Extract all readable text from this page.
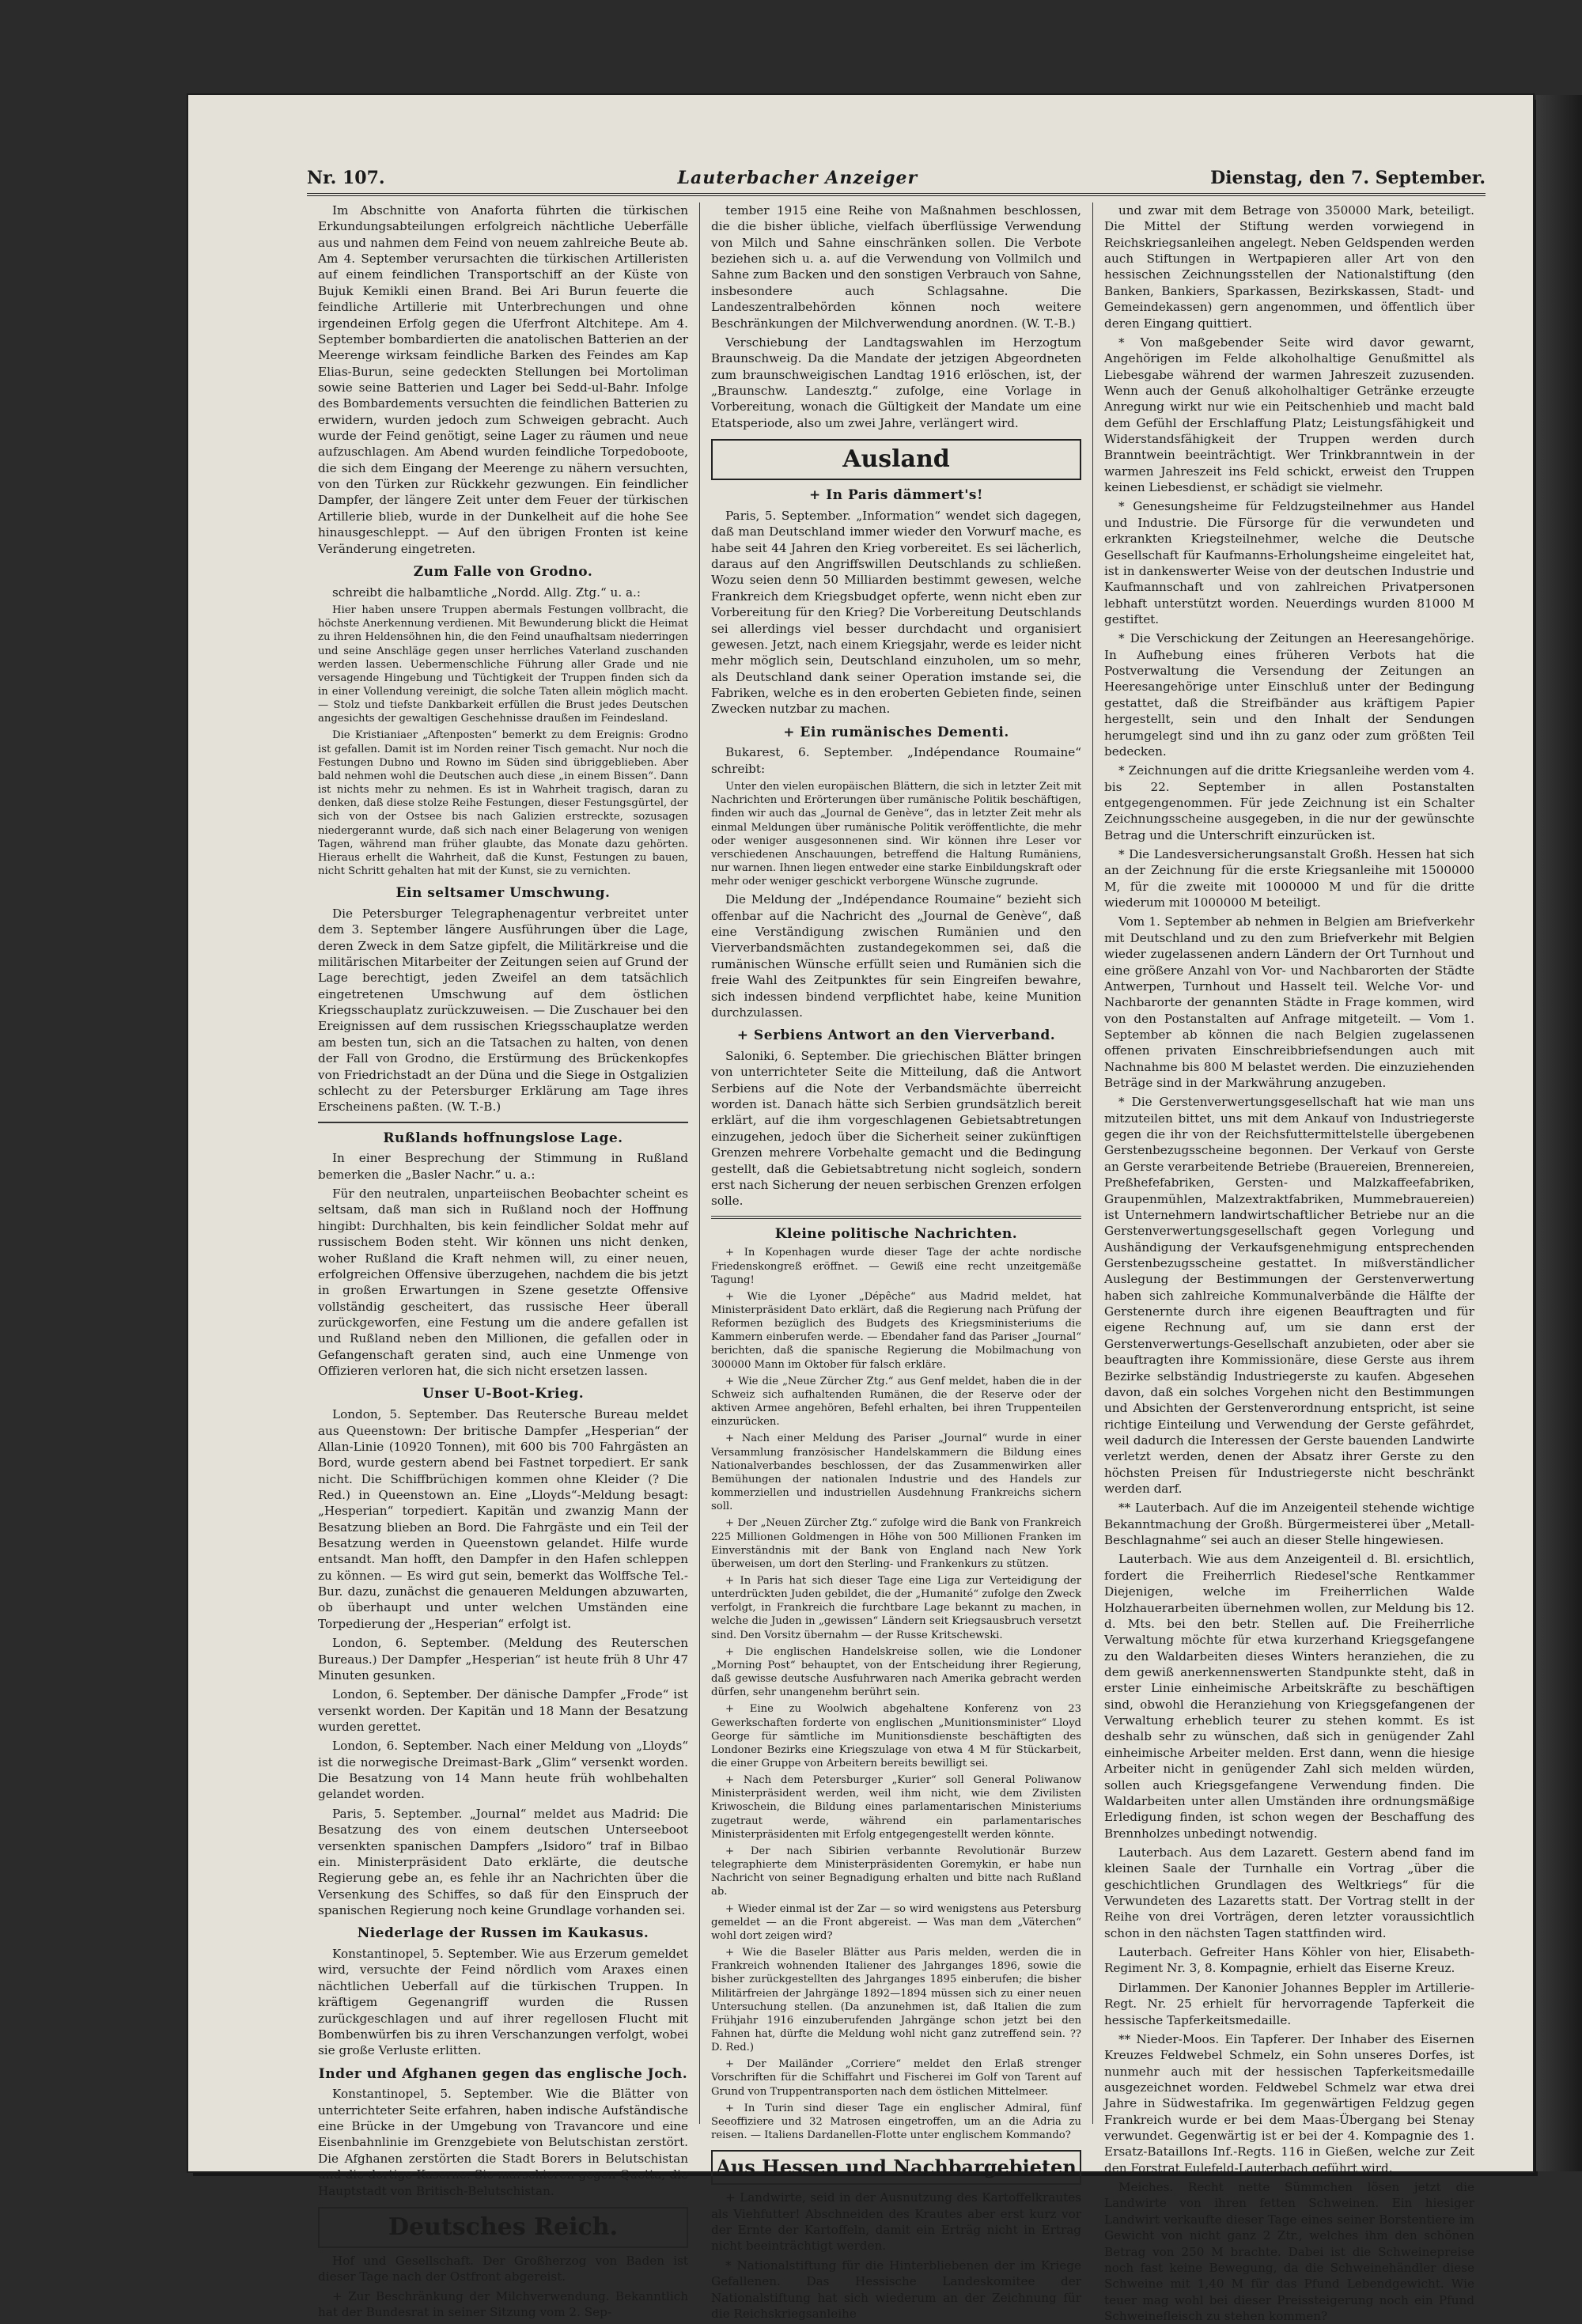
Nr. 107.	Lauterbacher Anzeiger	Dienstag, den 7. September.

Im Abschnitte von Anaforta führten die türkischen Erkundungsabteilungen erfolgreich nächtliche Ueberfälle aus und nahmen dem Feind von neuem zahlreiche Beute ab. Am 4. September verursachten die türkischen Artilleristen auf einem feindlichen Transportschiff an der Küste von Bujuk Kemikli einen Brand. Bei Ari Burun feuerte die feindliche Artillerie mit Unterbrechungen und ohne irgendeinen Erfolg gegen die Uferfront Altchitepe. Am 4. September bombardierten die anatolischen Batterien an der Meerenge wirksam feindliche Barken des Feindes am Kap Elias-Burun, seine gedeckten Stellungen bei Mortoliman sowie seine Batterien und Lager bei Sedd-ul-Bahr. Infolge des Bombardements versuchten die feindlichen Batterien zu erwidern, wurden jedoch zum Schweigen gebracht. Auch wurde der Feind genötigt, seine Lager zu räumen und neue aufzuschlagen. Am Abend wurden feindliche Torpedoboote, die sich dem Eingang der Meerenge zu nähern versuchten, von den Türken zur Rückkehr gezwungen. Ein feindlicher Dampfer, der längere Zeit unter dem Feuer der türkischen Artillerie blieb, wurde in der Dunkelheit auf die hohe See hinausgeschleppt. — Auf den übrigen Fronten ist keine Veränderung eingetreten.

Zum Falle von Grodno.

schreibt die halbamtliche „Nordd. Allg. Ztg.“ u. a.:

Hier haben unsere Truppen abermals Festungen vollbracht, die höchste Anerkennung verdienen. Mit Bewunderung blickt die Heimat zu ihren Heldensöhnen hin, die den Feind unaufhaltsam niederringen und seine Anschläge gegen unser herrliches Vaterland zuschanden werden lassen. Uebermenschliche Führung aller Grade und nie versagende Hingebung und Tüchtigkeit der Truppen finden sich da in einer Vollendung vereinigt, die solche Taten allein möglich macht. — Stolz und tiefste Dankbarkeit erfüllen die Brust jedes Deutschen angesichts der gewaltigen Geschehnisse draußen im Feindesland.

Die Kristianiaer „Aftenposten“ bemerkt zu dem Ereignis: Grodno ist gefallen. Damit ist im Norden reiner Tisch gemacht. Nur noch die Festungen Dubno und Rowno im Süden sind übriggeblieben. Aber bald nehmen wohl die Deutschen auch diese „in einem Bissen“. Dann ist nichts mehr zu nehmen. Es ist in Wahrheit tragisch, daran zu denken, daß diese stolze Reihe Festungen, dieser Festungsgürtel, der sich von der Ostsee bis nach Galizien erstreckte, sozusagen niedergerannt wurde, daß sich nach einer Belagerung von wenigen Tagen, während man früher glaubte, das Monate dazu gehörten. Hieraus erhellt die Wahrheit, daß die Kunst, Festungen zu bauen, nicht Schritt gehalten hat mit der Kunst, sie zu vernichten.

Ein seltsamer Umschwung.

Die Petersburger Telegraphenagentur verbreitet unter dem 3. September längere Ausführungen über die Lage, deren Zweck in dem Satze gipfelt, die Militärkreise und die militärischen Mitarbeiter der Zeitungen seien auf Grund der Lage berechtigt, jeden Zweifel an dem tatsächlich eingetretenen Umschwung auf dem östlichen Kriegsschauplatz zurückzuweisen. — Die Zuschauer bei den Ereignissen auf dem russischen Kriegsschauplatze werden am besten tun, sich an die Tatsachen zu halten, von denen der Fall von Grodno, die Erstürmung des Brückenkopfes von Friedrichstadt an der Düna und die Siege in Ostgalizien schlecht zu der Petersburger Erklärung am Tage ihres Erscheinens paßten. (W. T.-B.)

Rußlands hoffnungslose Lage.

In einer Besprechung der Stimmung in Rußland bemerken die „Basler Nachr.“ u. a.:

Für den neutralen, unparteiischen Beobachter scheint es seltsam, daß man sich in Rußland noch der Hoffnung hingibt: Durchhalten, bis kein feindlicher Soldat mehr auf russischem Boden steht. Wir können uns nicht denken, woher Rußland die Kraft nehmen will, zu einer neuen, erfolgreichen Offensive überzugehen, nachdem die bis jetzt in großen Erwartungen in Szene gesetzte Offensive vollständig gescheitert, das russische Heer überall zurückgeworfen, eine Festung um die andere gefallen ist und Rußland neben den Millionen, die gefallen oder in Gefangenschaft geraten sind, auch eine Unmenge von Offizieren verloren hat, die sich nicht ersetzen lassen.

Unser U-Boot-Krieg.

London, 5. September. Das Reutersche Bureau meldet aus Queenstown: Der britische Dampfer „Hesperian“ der Allan-Linie (10920 Tonnen), mit 600 bis 700 Fahrgästen an Bord, wurde gestern abend bei Fastnet torpediert. Er sank nicht. Die Schiffbrüchigen kommen ohne Kleider (? Die Red.) in Queenstown an. Eine „Lloyds“-Meldung besagt: „Hesperian“ torpediert. Kapitän und zwanzig Mann der Besatzung blieben an Bord. Die Fahrgäste und ein Teil der Besatzung werden in Queenstown gelandet. Hilfe wurde entsandt. Man hofft, den Dampfer in den Hafen schleppen zu können. — Es wird gut sein, bemerkt das Wolffsche Tel.-Bur. dazu, zunächst die genaueren Meldungen abzuwarten, ob überhaupt und unter welchen Umständen eine Torpedierung der „Hesperian“ erfolgt ist.

London, 6. September. (Meldung des Reuterschen Bureaus.) Der Dampfer „Hesperian“ ist heute früh 8 Uhr 47 Minuten gesunken.

London, 6. September. Der dänische Dampfer „Frode“ ist versenkt worden. Der Kapitän und 18 Mann der Besatzung wurden gerettet.

London, 6. September. Nach einer Meldung von „Lloyds“ ist die norwegische Dreimast-Bark „Glim“ versenkt worden. Die Besatzung von 14 Mann heute früh wohlbehalten gelandet worden.

Paris, 5. September. „Journal“ meldet aus Madrid: Die Besatzung des von einem deutschen Unterseeboot versenkten spanischen Dampfers „Isidoro“ traf in Bilbao ein. Ministerpräsident Dato erklärte, die deutsche Regierung gebe an, es fehle ihr an Nachrichten über die Versenkung des Schiffes, so daß für den Einspruch der spanischen Regierung noch keine Grundlage vorhanden sei.

Niederlage der Russen im Kaukasus.

Konstantinopel, 5. September. Wie aus Erzerum gemeldet wird, versuchte der Feind nördlich vom Araxes einen nächtlichen Ueberfall auf die türkischen Truppen. In kräftigem Gegenangriff wurden die Russen zurückgeschlagen und auf ihrer regellosen Flucht mit Bombenwürfen bis zu ihren Verschanzungen verfolgt, wobei sie große Verluste erlitten.

Inder und Afghanen gegen das englische Joch.

Konstantinopel, 5. September. Wie die Blätter von unterrichteter Seite erfahren, haben indische Aufständische eine Brücke in der Umgebung von Travancore und eine Eisenbahnlinie im Grenzgebiete von Belutschistan zerstört. Die Afghanen zerstörten die Stadt Borers in Belutschistan und die dortige Kaserne. Sie marschieren gegen Quetta, die Hauptstadt von Britisch-Belutschistan.

Deutsches Reich.

Hof und Gesellschaft. Der Großherzog von Baden ist dieser Tage nach der Ostfront abgereist.

+ Zur Beschränkung der Milchverwendung. Bekanntlich hat der Bundesrat in seiner Sitzung vom 2. Sep-

tember 1915 eine Reihe von Maßnahmen beschlossen, die die bisher übliche, vielfach überflüssige Verwendung von Milch und Sahne einschränken sollen. Die Verbote beziehen sich u. a. auf die Verwendung von Vollmilch und Sahne zum Backen und den sonstigen Verbrauch von Sahne, insbesondere auch Schlagsahne. Die Landeszentralbehörden können noch weitere Beschränkungen der Milchverwendung anordnen. (W. T.-B.)

Verschiebung der Landtagswahlen im Herzogtum Braunschweig. Da die Mandate der jetzigen Abgeordneten zum braunschweigischen Landtag 1916 erlöschen, ist, der „Braunschw. Landesztg.“ zufolge, eine Vorlage in Vorbereitung, wonach die Gültigkeit der Mandate um eine Etatsperiode, also um zwei Jahre, verlängert wird.

Ausland
+ In Paris dämmert's!

Paris, 5. September. „Information“ wendet sich dagegen, daß man Deutschland immer wieder den Vorwurf mache, es habe seit 44 Jahren den Krieg vorbereitet. Es sei lächerlich, daraus auf den Angriffswillen Deutschlands zu schließen. Wozu seien denn 50 Milliarden bestimmt gewesen, welche Frankreich dem Kriegsbudget opferte, wenn nicht eben zur Vorbereitung für den Krieg? Die Vorbereitung Deutschlands sei allerdings viel besser durchdacht und organisiert gewesen. Jetzt, nach einem Kriegsjahr, werde es leider nicht mehr möglich sein, Deutschland einzuholen, um so mehr, als Deutschland dank seiner Operation imstande sei, die Fabriken, welche es in den eroberten Gebieten finde, seinen Zwecken nutzbar zu machen.

+ Ein rumänisches Dementi.

Bukarest, 6. September. „Indépendance Roumaine“ schreibt:

Unter den vielen europäischen Blättern, die sich in letzter Zeit mit Nachrichten und Erörterungen über rumänische Politik beschäftigen, finden wir auch das „Journal de Genève“, das in letzter Zeit mehr als einmal Meldungen über rumänische Politik veröffentlichte, die mehr oder weniger ausgesonnenen sind. Wir können ihre Leser vor verschiedenen Anschauungen, betreffend die Haltung Rumäniens, nur warnen. Ihnen liegen entweder eine starke Einbildungskraft oder mehr oder weniger geschickt verborgene Wünsche zugrunde.

Die Meldung der „Indépendance Roumaine“ bezieht sich offenbar auf die Nachricht des „Journal de Genève“, daß eine Verständigung zwischen Rumänien und den Vierverbandsmächten zustandegekommen sei, daß die rumänischen Wünsche erfüllt seien und Rumänien sich die freie Wahl des Zeitpunktes für sein Eingreifen bewahre, sich indessen bindend verpflichtet habe, keine Munition durchzulassen.

+ Serbiens Antwort an den Vierverband.

Saloniki, 6. September. Die griechischen Blätter bringen von unterrichteter Seite die Mitteilung, daß die Antwort Serbiens auf die Note der Verbandsmächte überreicht worden ist. Danach hätte sich Serbien grundsätzlich bereit erklärt, auf die ihm vorgeschlagenen Gebietsabtretungen einzugehen, jedoch über die Sicherheit seiner zukünftigen Grenzen mehrere Vorbehalte gemacht und die Bedingung gestellt, daß die Gebietsabtretung nicht sogleich, sondern erst nach Sicherung der neuen serbischen Grenzen erfolgen solle.

Kleine politische Nachrichten.

+ In Kopenhagen wurde dieser Tage der achte nordische Friedenskongreß eröffnet. — Gewiß eine recht unzeitgemäße Tagung!

+ Wie die Lyoner „Dépêche“ aus Madrid meldet, hat Ministerpräsident Dato erklärt, daß die Regierung nach Prüfung der Reformen bezüglich des Budgets des Kriegsministeriums die Kammern einberufen werde. — Ebendaher fand das Pariser „Journal“ berichten, daß die spanische Regierung die Mobilmachung von 300000 Mann im Oktober für falsch erkläre.

+ Wie die „Neue Zürcher Ztg.“ aus Genf meldet, haben die in der Schweiz sich aufhaltenden Rumänen, die der Reserve oder der aktiven Armee angehören, Befehl erhalten, bei ihren Truppenteilen einzurücken.

+ Nach einer Meldung des Pariser „Journal“ wurde in einer Versammlung französischer Handelskammern die Bildung eines Nationalverbandes beschlossen, der das Zusammenwirken aller Bemühungen der nationalen Industrie und des Handels zur kommerziellen und industriellen Ausdehnung Frankreichs sichern soll.

+ Der „Neuen Zürcher Ztg.“ zufolge wird die Bank von Frankreich 225 Millionen Goldmengen in Höhe von 500 Millionen Franken im Einverständnis mit der Bank von England nach New York überweisen, um dort den Sterling- und Frankenkurs zu stützen.

+ In Paris hat sich dieser Tage eine Liga zur Verteidigung der unterdrückten Juden gebildet, die der „Humanité“ zufolge den Zweck verfolgt, in Frankreich die furchtbare Lage bekannt zu machen, in welche die Juden in „gewissen“ Ländern seit Kriegsausbruch versetzt sind. Den Vorsitz übernahm — der Russe Kritschewski.

+ Die englischen Handelskreise sollen, wie die Londoner „Morning Post“ behauptet, von der Entscheidung ihrer Regierung, daß gewisse deutsche Ausfuhrwaren nach Amerika gebracht werden dürfen, sehr unangenehm berührt sein.

+ Eine zu Woolwich abgehaltene Konferenz von 23 Gewerkschaften forderte von englischen „Munitionsminister“ Lloyd George für sämtliche im Munitionsdienste beschäftigten des Londoner Bezirks eine Kriegszulage von etwa 4 M für Stückarbeit, die einer Gruppe von Arbeitern bereits bewilligt sei.

+ Nach dem Petersburger „Kurier“ soll General Poliwanow Ministerpräsident werden, weil ihm nicht, wie dem Zivilisten Kriwoschein, die Bildung eines parlamentarischen Ministeriums zugetraut werde, während ein parlamentarisches Ministerpräsidenten mit Erfolg entgegengestellt werden könnte.

+ Der nach Sibirien verbannte Revolutionär Burzew telegraphierte dem Ministerpräsidenten Goremykin, er habe nun Nachricht von seiner Begnadigung erhalten und bitte nach Rußland ab.

+ Wieder einmal ist der Zar — so wird wenigstens aus Petersburg gemeldet — an die Front abgereist. — Was man dem „Väterchen“ wohl dort zeigen wird?

+ Wie die Baseler Blätter aus Paris melden, werden die in Frankreich wohnenden Italiener des Jahrganges 1896, sowie die bisher zurückgestellten des Jahrganges 1895 einberufen; die bisher Militärfreien der Jahrgänge 1892—1894 müssen sich zu einer neuen Untersuchung stellen. (Da anzunehmen ist, daß Italien die zum Frühjahr 1916 einzuberufenden Jahrgänge schon jetzt bei den Fahnen hat, dürfte die Meldung wohl nicht ganz zutreffend sein. ?? D. Red.)

+ Der Mailänder „Corriere“ meldet den Erlaß strenger Vorschriften für die Schiffahrt und Fischerei im Golf von Tarent auf Grund von Truppentransporten nach dem östlichen Mittelmeer.

+ In Turin sind dieser Tage ein englischer Admiral, fünf Seeoffiziere und 32 Matrosen eingetroffen, um an die Adria zu reisen. — Italiens Dardanellen-Flotte unter englischem Kommando?

Aus Hessen und Nachbargebieten

+ Landwirte, seid in der Ausnutzung des Kartoffelkrautes als Viehfutter! Abschneiden des Krautes aber erst kurz vor der Ernte der Kartoffeln, damit ein Erträg nicht in Ertrag nicht beeinträchtigt werden.

* Nationalstiftung für die Hinterbliebenen der im Kriege Gefallenen. Das Hessische Landeskomitee der Nationalstiftung hat sich wiederum an der Zeichnung für die Reichskriegsanleihe

und zwar mit dem Betrage von 350000 Mark, beteiligt. Die Mittel der Stiftung werden vorwiegend in Reichskriegsanleihen angelegt. Neben Geldspenden werden auch Stiftungen in Wertpapieren aller Art von den hessischen Zeichnungsstellen der Nationalstiftung (den Banken, Bankiers, Sparkassen, Bezirkskassen, Stadt- und Gemeindekassen) gern angenommen, und öffentlich über deren Eingang quittiert.

* Von maßgebender Seite wird davor gewarnt, Angehörigen im Felde alkoholhaltige Genußmittel als Liebesgabe während der warmen Jahreszeit zuzusenden. Wenn auch der Genuß alkoholhaltiger Getränke erzeugte Anregung wirkt nur wie ein Peitschenhieb und macht bald dem Gefühl der Erschlaffung Platz; Leistungsfähigkeit und Widerstandsfähigkeit der Truppen werden durch Branntwein beeinträchtigt. Wer Trinkbranntwein in der warmen Jahreszeit ins Feld schickt, erweist den Truppen keinen Liebesdienst, er schädigt sie vielmehr.

* Genesungsheime für Feldzugsteilnehmer aus Handel und Industrie. Die Fürsorge für die verwundeten und erkrankten Kriegsteilnehmer, welche die Deutsche Gesellschaft für Kaufmanns-Erholungsheime eingeleitet hat, ist in dankenswerter Weise von der deutschen Industrie und Kaufmannschaft und von zahlreichen Privatpersonen lebhaft unterstützt worden. Neuerdings wurden 81000 M gestiftet.

* Die Verschickung der Zeitungen an Heeresangehörige. In Aufhebung eines früheren Verbots hat die Postverwaltung die Versendung der Zeitungen an Heeresangehörige unter Einschluß unter der Bedingung gestattet, daß die Streifbänder aus kräftigem Papier hergestellt, sein und den Inhalt der Sendungen herumgelegt sind und ihn zu ganz oder zum größten Teil bedecken.

* Zeichnungen auf die dritte Kriegsanleihe werden vom 4. bis 22. September in allen Postanstalten entgegengenommen. Für jede Zeichnung ist ein Schalter Zeichnungsscheine ausgegeben, in die nur der gewünschte Betrag und die Unterschrift einzurücken ist.

* Die Landesversicherungsanstalt Großh. Hessen hat sich an der Zeichnung für die erste Kriegsanleihe mit 1500000 M, für die zweite mit 1000000 M und für die dritte wiederum mit 1000000 M beteiligt.

Vom 1. September ab nehmen in Belgien am Briefverkehr mit Deutschland und zu den zum Briefverkehr mit Belgien wieder zugelassenen andern Ländern der Ort Turnhout und eine größere Anzahl von Vor- und Nachbarorten der Städte Antwerpen, Turnhout und Hasselt teil. Welche Vor- und Nachbarorte der genannten Städte in Frage kommen, wird von den Postanstalten auf Anfrage mitgeteilt. — Vom 1. September ab können die nach Belgien zugelassenen offenen privaten Einschreibbriefsendungen auch mit Nachnahme bis 800 M belastet werden. Die einzuziehenden Beträge sind in der Markwährung anzugeben.

* Die Gerstenverwertungsgesellschaft hat wie man uns mitzuteilen bittet, uns mit dem Ankauf von Industriegerste gegen die ihr von der Reichsfuttermittelstelle übergebenen Gerstenbezugsscheine begonnen. Der Verkauf von Gerste an Gerste verarbeitende Betriebe (Brauereien, Brennereien, Preßhefefabriken, Gersten- und Malzkaffeefabriken, Graupenmühlen, Malzextraktfabriken, Mummebrauereien) ist Unternehmern landwirtschaftlicher Betriebe nur an die Gerstenverwertungsgesellschaft gegen Vorlegung und Aushändigung der Verkaufsgenehmigung entsprechenden Gerstenbezugsscheine gestattet. In mißverständlicher Auslegung der Bestimmungen der Gerstenverwertung haben sich zahlreiche Kommunalverbände die Hälfte der Gerstenernte durch ihre eigenen Beauftragten und für eigene Rechnung auf, um sie dann erst der Gerstenverwertungs-Gesellschaft anzubieten, oder aber sie beauftragten ihre Kommissionäre, diese Gerste aus ihrem Bezirke selbständig Industriegerste zu kaufen. Abgesehen davon, daß ein solches Vorgehen nicht den Bestimmungen und Absichten der Gerstenverordnung entspricht, ist seine richtige Einteilung und Verwendung der Gerste gefährdet, weil dadurch die Interessen der Gerste bauenden Landwirte verletzt werden, denen der Absatz ihrer Gerste zu den höchsten Preisen für Industriegerste nicht beschränkt werden darf.

** Lauterbach. Auf die im Anzeigenteil stehende wichtige Bekanntmachung der Großh. Bürgermeisterei über „Metall-Beschlagnahme“ sei auch an dieser Stelle hingewiesen.

Lauterbach. Wie aus dem Anzeigenteil d. Bl. ersichtlich, fordert die Freiherrlich Riedesel'sche Rentkammer Diejenigen, welche im Freiherrlichen Walde Holzhauerarbeiten übernehmen wollen, zur Meldung bis 12. d. Mts. bei den betr. Stellen auf. Die Freiherrliche Verwaltung möchte für etwa kurzerhand Kriegsgefangene zu den Waldarbeiten dieses Winters heranziehen, die zu dem gewiß anerkennenswerten Standpunkte steht, daß in erster Linie einheimische Arbeitskräfte zu beschäftigen sind, obwohl die Heranziehung von Kriegsgefangenen der Verwaltung erheblich teurer zu stehen kommt. Es ist deshalb sehr zu wünschen, daß sich in genügender Zahl einheimische Arbeiter melden. Erst dann, wenn die hiesige Arbeiter nicht in genügender Zahl sich melden würden, sollen auch Kriegsgefangene Verwendung finden. Die Waldarbeiten unter allen Umständen ihre ordnungsmäßige Erledigung finden, ist schon wegen der Beschaffung des Brennholzes unbedingt notwendig.

Lauterbach. Aus dem Lazarett. Gestern abend fand im kleinen Saale der Turnhalle ein Vortrag „über die geschichtlichen Grundlagen des Weltkriegs“ für die Verwundeten des Lazaretts statt. Der Vortrag stellt in der Reihe von drei Vorträgen, deren letzter voraussichtlich schon in den nächsten Tagen stattfinden wird.

Lauterbach. Gefreiter Hans Köhler von hier, Elisabeth-Regiment Nr. 3, 8. Kompagnie, erhielt das Eiserne Kreuz.

Dirlammen. Der Kanonier Johannes Beppler im Artillerie-Regt. Nr. 25 erhielt für hervorragende Tapferkeit die hessische Tapferkeitsmedaille.

** Nieder-Moos. Ein Tapferer. Der Inhaber des Eisernen Kreuzes Feldwebel Schmelz, ein Sohn unseres Dorfes, ist nunmehr auch mit der hessischen Tapferkeitsmedaille ausgezeichnet worden. Feldwebel Schmelz war etwa drei Jahre in Südwestafrika. Im gegenwärtigen Feldzug gegen Frankreich wurde er bei dem Maas-Übergang bei Stenay verwundet. Gegenwärtig ist er bei der 4. Kompagnie des 1. Ersatz-Bataillons Inf.-Regts. 116 in Gießen, welche zur Zeit den Forstrat Eulefeld-Lauterbach geführt wird.

Meiches. Recht nette Sümmchen lösen jetzt die Landwirte von ihren fetten Schweinen. Ein hiesiger Landwirt verkaufte dieser Tage eines seiner Borstentiere im Gewicht von nicht ganz 2 Ztr., welches ihm den schönen Betrag von 250 M brachte. Dabei ist die Schweinepreise noch fast keine Bewegung, da die Schweinehändler diese Schweine mit 1,40 M für das Pfund Lebendgewicht. Wie teuer mag wohl bei dieser Preissteigerung noch ein Pfund Schweinefleisch zu stehen kommen?
